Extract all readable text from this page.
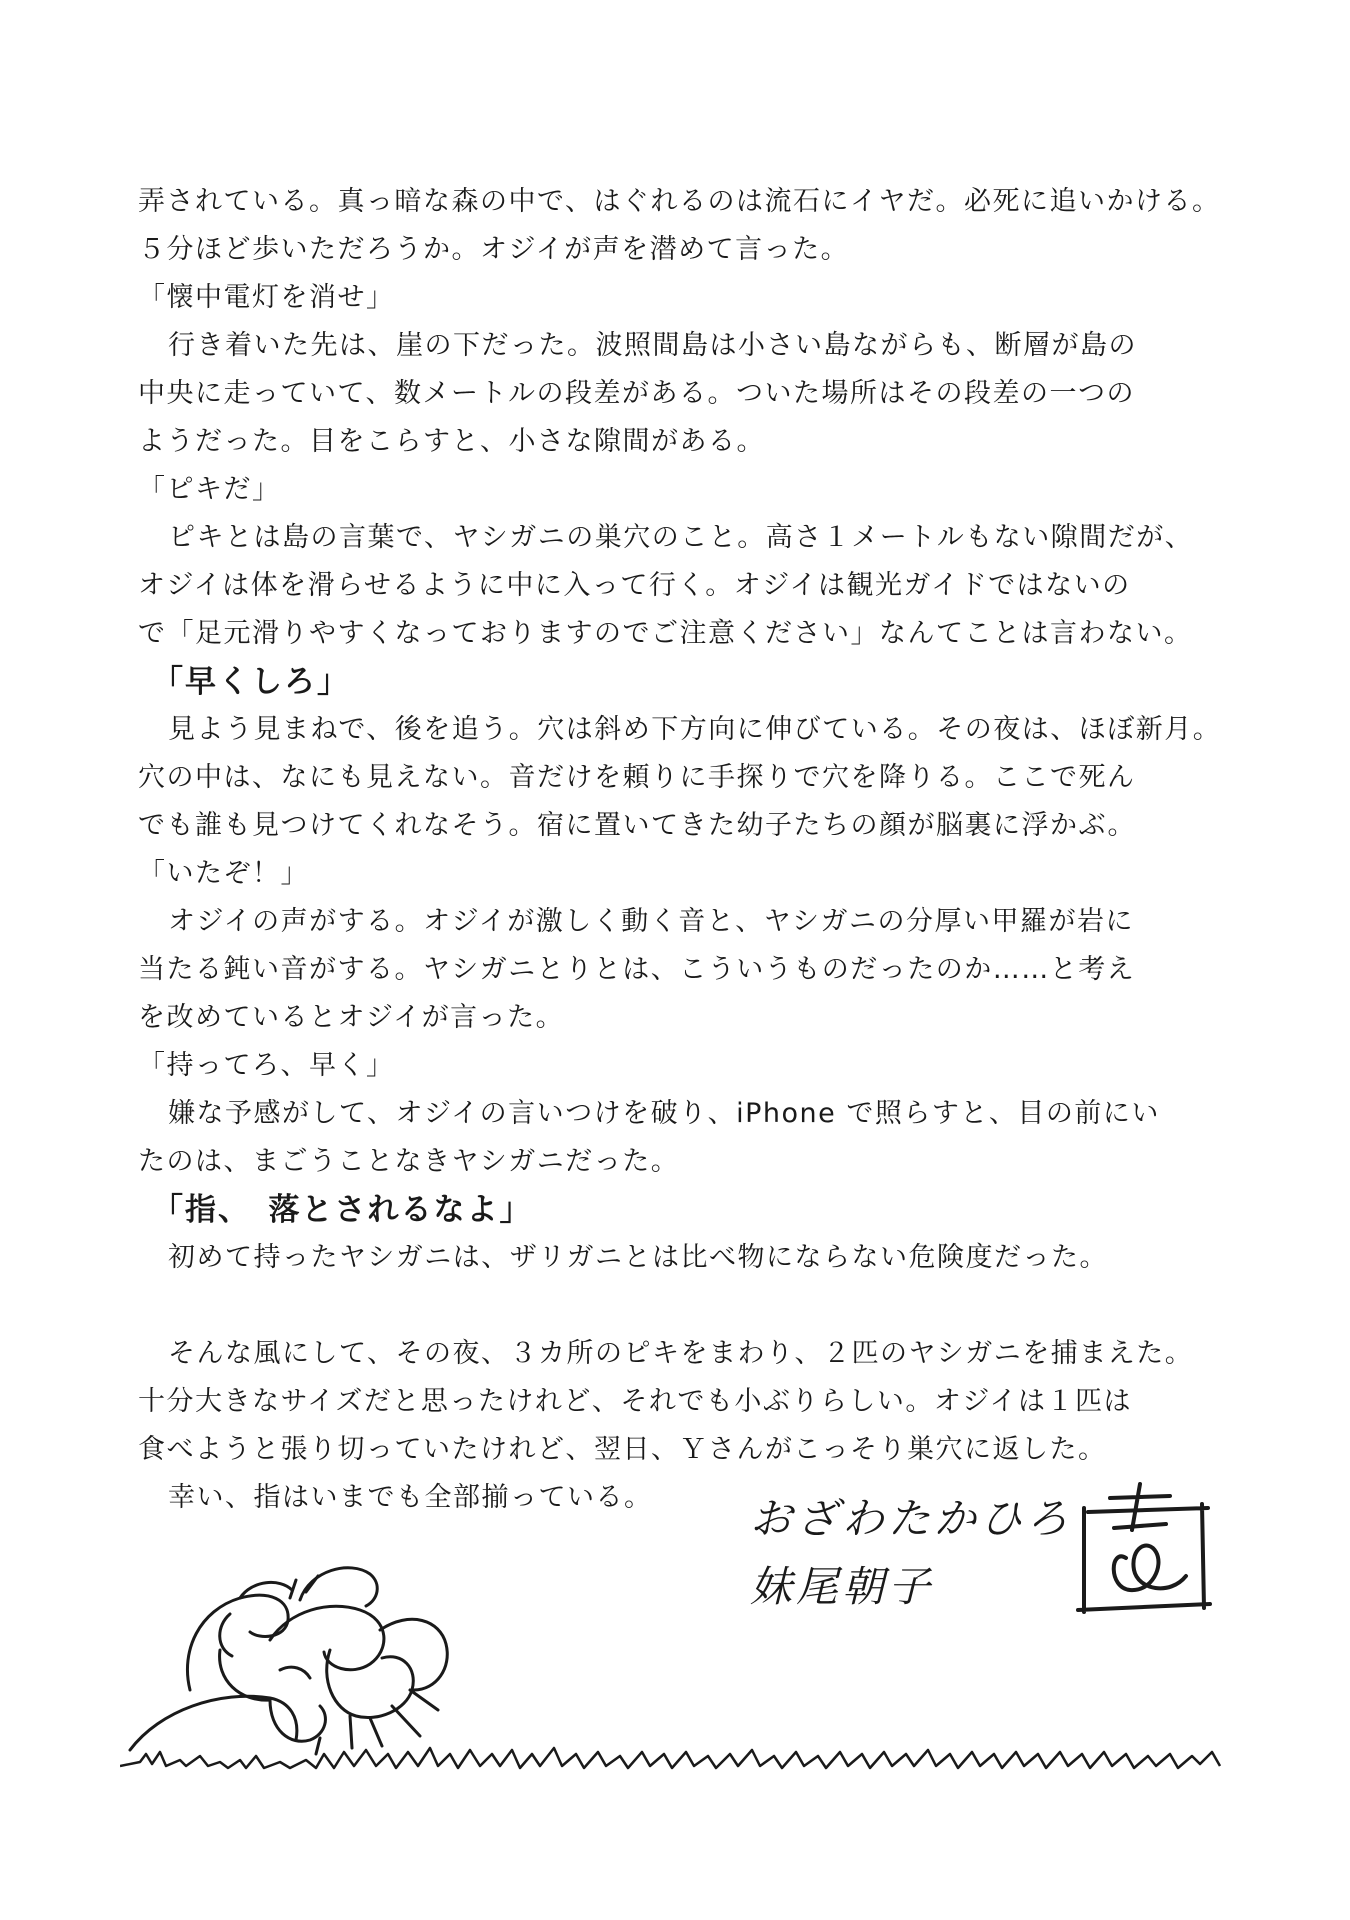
弄されている。真っ暗な森の中で、はぐれるのは流石にイヤだ。必死に追いかける。
５分ほど歩いただろうか。オジイが声を潜めて言った。
「懐中電灯を消せ」
行き着いた先は、崖の下だった。波照間島は小さい島ながらも、断層が島の
中央に走っていて、数メートルの段差がある。ついた場所はその段差の一つの
ようだった。目をこらすと、小さな隙間がある。
「ピキだ」
ピキとは島の言葉で、ヤシガニの巣穴のこと。高さ１メートルもない隙間だが、
オジイは体を滑らせるように中に入って行く。オジイは観光ガイドではないの
で「足元滑りやすくなっておりますのでご注意ください」なんてことは言わない。
「早くしろ」
見よう見まねで、後を追う。穴は斜め下方向に伸びている。その夜は、ほぼ新月。
穴の中は、なにも見えない。音だけを頼りに手探りで穴を降りる。ここで死ん
でも誰も見つけてくれなそう。宿に置いてきた幼子たちの顔が脳裏に浮かぶ。
「いたぞ！」
オジイの声がする。オジイが激しく動く音と、ヤシガニの分厚い甲羅が岩に
当たる鈍い音がする。ヤシガニとりとは、こういうものだったのか……と考え
を改めているとオジイが言った。
「持ってろ、早く」
嫌な予感がして、オジイの言いつけを破り、iPhone で照らすと、目の前にい
たのは、まごうことなきヤシガニだった。
「指、　落とされるなよ」
初めて持ったヤシガニは、ザリガニとは比べ物にならない危険度だった。
そんな風にして、その夜、３カ所のピキをまわり、２匹のヤシガニを捕まえた。
十分大きなサイズだと思ったけれど、それでも小ぶりらしい。オジイは１匹は
食べようと張り切っていたけれど、翌日、Ｙさんがこっそり巣穴に返した。
幸い、指はいまでも全部揃っている。	おざわたかひろ
妹尾朝子
